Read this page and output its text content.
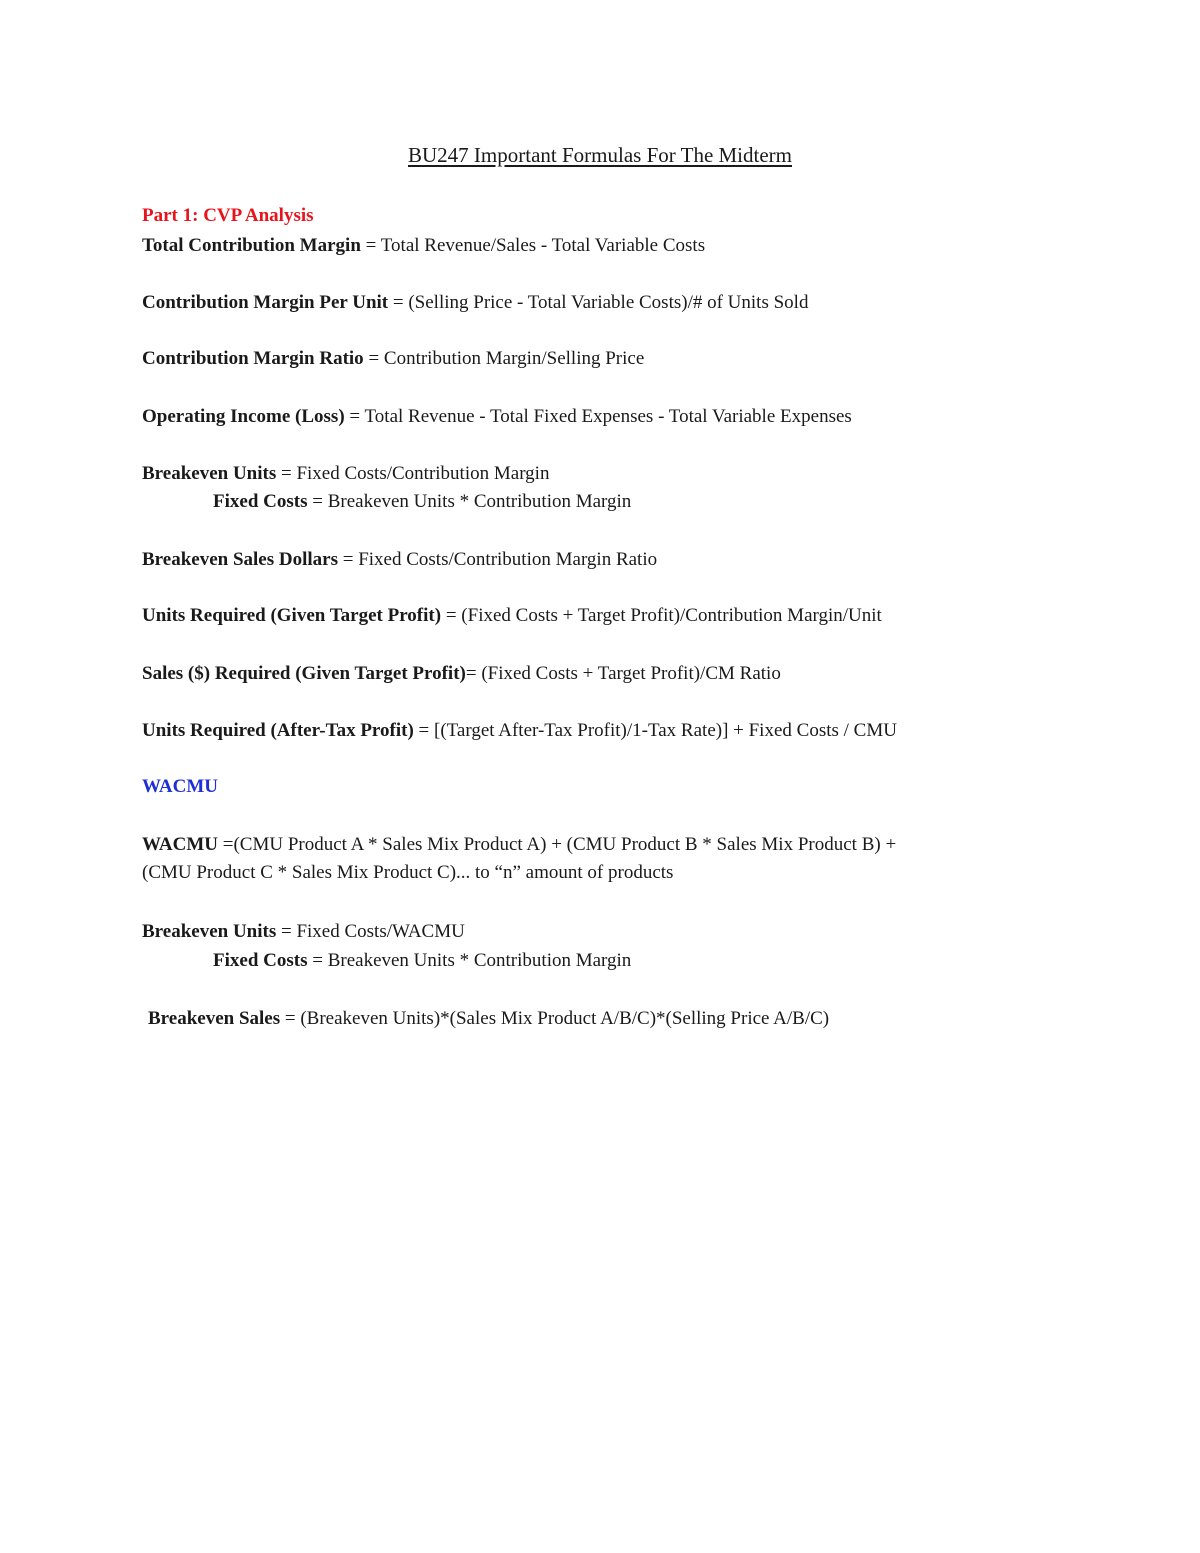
BU247 Important Formulas For The Midterm
Part 1: CVP Analysis
Total Contribution Margin = Total Revenue/Sales - Total Variable Costs
Contribution Margin Per Unit = (Selling Price - Total Variable Costs)/# of Units Sold
Contribution Margin Ratio = Contribution Margin/Selling Price
Operating Income (Loss) = Total Revenue - Total Fixed Expenses - Total Variable Expenses
Breakeven Units = Fixed Costs/Contribution Margin
Fixed Costs = Breakeven Units * Contribution Margin
Breakeven Sales Dollars = Fixed Costs/Contribution Margin Ratio
Units Required (Given Target Profit) = (Fixed Costs + Target Profit)/Contribution Margin/Unit
Sales ($) Required (Given Target Profit)= (Fixed Costs + Target Profit)/CM Ratio
Units Required (After-Tax Profit) = [(Target After-Tax Profit)/1-Tax Rate)] + Fixed Costs / CMU
WACMU
WACMU =(CMU Product A * Sales Mix Product A) + (CMU Product B * Sales Mix Product B) +
(CMU Product C * Sales Mix Product C)... to “n” amount of products
Breakeven Units = Fixed Costs/WACMU
Fixed Costs = Breakeven Units * Contribution Margin
Breakeven Sales = (Breakeven Units)*(Sales Mix Product A/B/C)*(Selling Price A/B/C)
